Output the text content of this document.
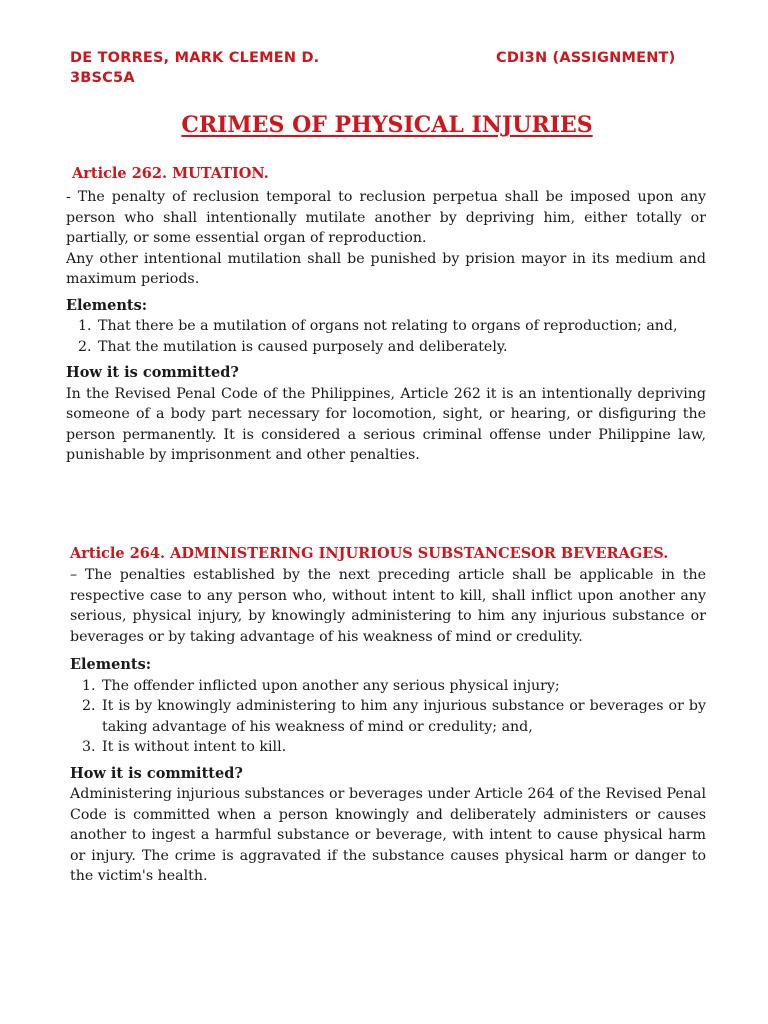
DE TORRES, MARK CLEMEN D.
3BSC5A
CDI3N (ASSIGNMENT)
CRIMES OF PHYSICAL INJURIES
Article 262. MUTATION.

- The penalty of reclusion temporal to reclusion perpetua shall be imposed upon any person who shall intentionally mutilate another by depriving him, either totally or partially, or some essential organ of reproduction.

Any other intentional mutilation shall be punished by prision mayor in its medium and maximum periods.

Elements:
1. That there be a mutilation of organs not relating to organs of reproduction; and,
2. That the mutilation is caused purposely and deliberately.
How it is committed?

In the Revised Penal Code of the Philippines, Article 262 it is an intentionally depriving someone of a body part necessary for locomotion, sight, or hearing, or disfiguring the person permanently. It is considered a serious criminal offense under Philippine law, punishable by imprisonment and other penalties.

Article 264. ADMINISTERING INJURIOUS SUBSTANCESOR BEVERAGES.

– The penalties established by the next preceding article shall be applicable in the respective case to any person who, without intent to kill, shall inflict upon another any serious, physical injury, by knowingly administering to him any injurious substance or beverages or by taking advantage of his weakness of mind or credulity.

Elements:
1. The offender inflicted upon another any serious physical injury;
2. It is by knowingly administering to him any injurious substance or beverages or by taking advantage of his weakness of mind or credulity; and,
3. It is without intent to kill.
How it is committed?

Administering injurious substances or beverages under Article 264 of the Revised Penal Code is committed when a person knowingly and deliberately administers or causes another to ingest a harmful substance or beverage, with intent to cause physical harm or injury. The crime is aggravated if the substance causes physical harm or danger to the victim's health.
